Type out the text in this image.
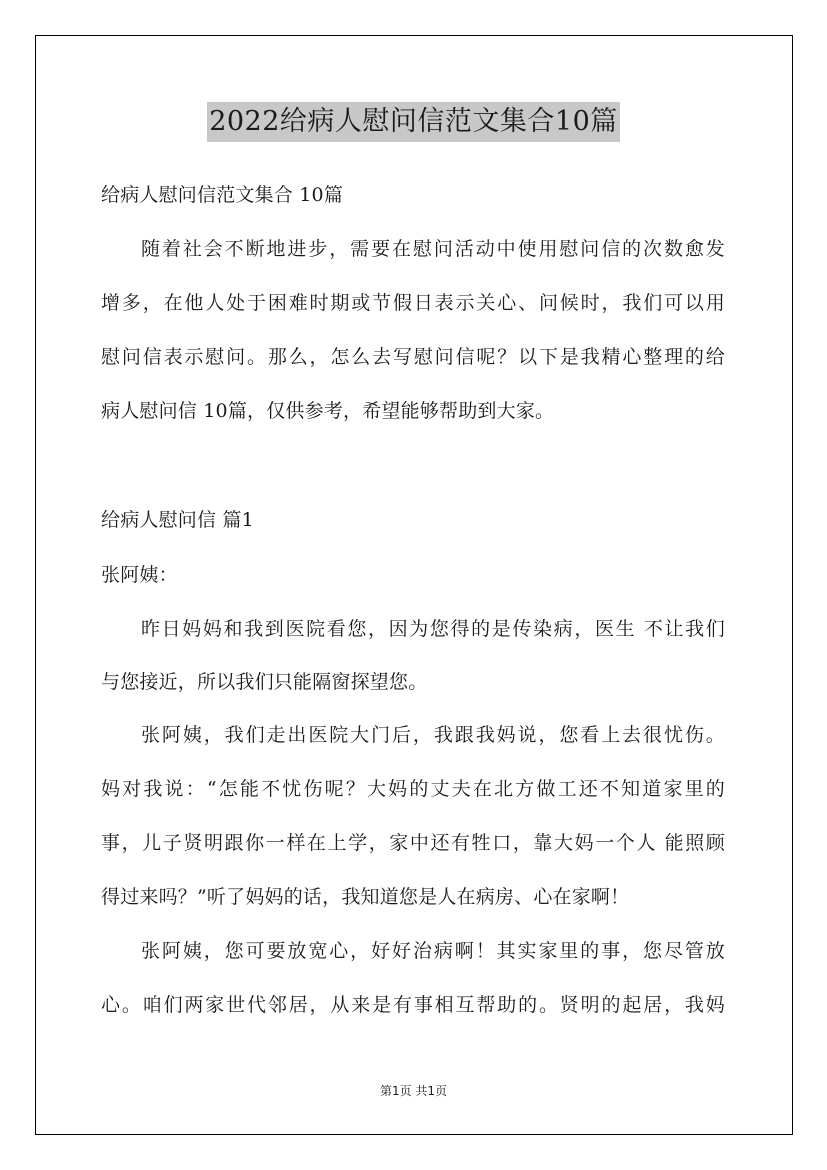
2022给病人慰问信范文集合10篇
给病人慰问信范文集合 10篇
随着社会不断地进步，需要在慰问活动中使用慰问信的次数愈发
增多，在他人处于困难时期或节假日表示关心、问候时，我们可以用
慰问信表示慰问。那么，怎么去写慰问信呢？以下是我精心整理的给
病人慰问信 10篇，仅供参考，希望能够帮助到大家。
给病人慰问信 篇1
张阿姨：
昨日妈妈和我到医院看您，因为您得的是传染病，医生 不让我们
与您接近，所以我们只能隔窗探望您。
张阿姨，我们走出医院大门后，我跟我妈说，您看上去很忧伤。
妈对我说：“怎能不忧伤呢？大妈的丈夫在北方做工还不知道家里的
事，儿子贤明跟你一样在上学，家中还有牲口，靠大妈一个人 能照顾
得过来吗？”听了妈妈的话，我知道您是人在病房、心在家啊！
张阿姨，您可要放宽心，好好治病啊！其实家里的事，您尽管放
心。咱们两家世代邻居，从来是有事相互帮助的。贤明的起居，我妈
第1页 共1页
